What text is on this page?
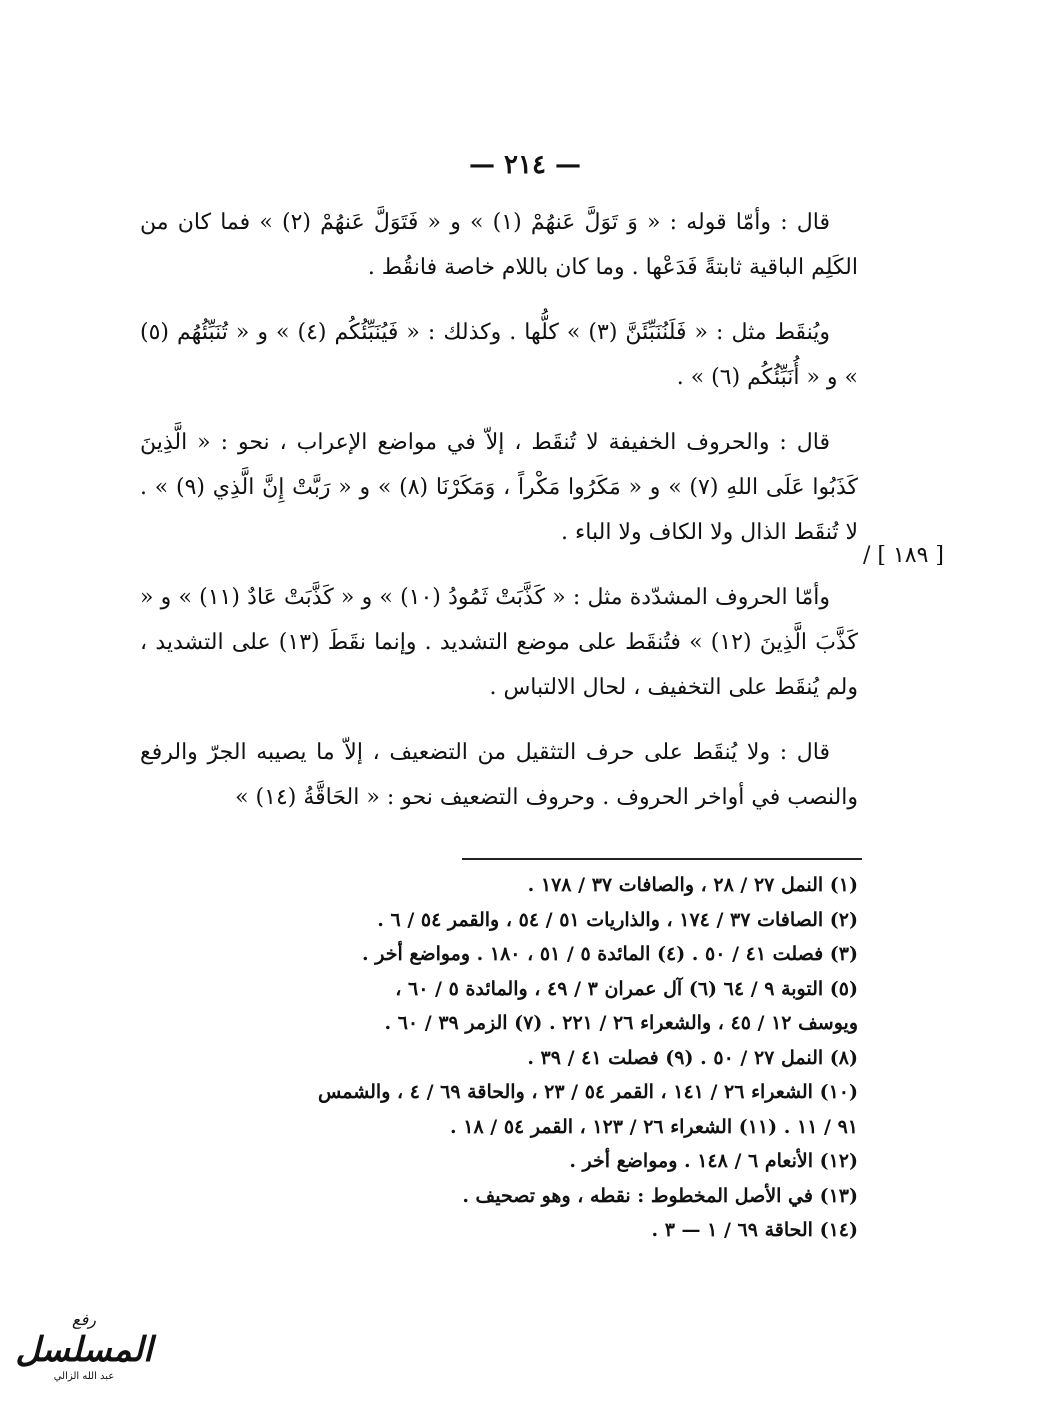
— ٢١٤ —

قال : وأمّا قوله : « وَ تَوَلَّ عَنهُمْ (١) » و « فَتَوَلَّ عَنهُمْ (٢) » فما كان من الكَلِم الباقية ثابتةً فَدَعْها . وما كان باللام خاصة فانقُط .

ويُنقَط مثل : « فَلَنُنَبِّئَنَّ (٣) » كلُّها . وكذلك : « فَيُنَبِّئُكُم (٤) » و « تُنَبِّئُهُم (٥) » و « أُنَبِّئُكُم (٦) » .

قال : والحروف الخفيفة لا تُنقَط ، إلاّ في مواضع الإعراب ، نحو : « الَّذِينَ كَذَبُوا عَلَى اللهِ (٧) » و « مَكَرُوا مَكْراً ، وَمَكَرْنَا (٨) » و « رَبَّتْ إِنَّ الَّذِي (٩) » . لا تُنقَط الذال ولا الكاف ولا الباء .

وأمّا الحروف المشدّدة مثل : « كَذَّبَتْ ثَمُودُ (١٠) » و « كَذَّبَتْ عَادٌ (١١) » و « كَذَّبَ الَّذِينَ (١٢) » فتُنقَط على موضع التشديد . وإنما نقَطَ (١٣) على التشديد ، ولم يُنقَط على التخفيف ، لحال الالتباس .

قال : ولا يُنقَط على حرف التثقيل من التضعيف ، إلاّ ما يصيبه الجرّ والرفع والنصب في أواخر الحروف . وحروف التضعيف نحو : « الحَاقَّةُ (١٤) »

[ ١٨٩ ] /
(١) النمل ٢٧ / ٢٨ ، والصافات ٣٧ / ١٧٨ .
(٢) الصافات ٣٧ / ١٧٤ ، والذاريات ٥١ / ٥٤ ، والقمر ٥٤ / ٦ .
(٣) فصلت ٤١ / ٥٠ . (٤) المائدة ٥ / ٥١ ، ١٨٠ . ومواضع أخر .
(٥) التوبة ٩ / ٦٤ (٦) آل عمران ٣ / ٤٩ ، والمائدة ٥ / ٦٠ ،
ويوسف ١٢ / ٤٥ ، والشعراء ٢٦ / ٢٢١ . (٧) الزمر ٣٩ / ٦٠ .
(٨) النمل ٢٧ / ٥٠ . (٩) فصلت ٤١ / ٣٩ .
(١٠) الشعراء ٢٦ / ١٤١ ، القمر ٥٤ / ٢٣ ، والحاقة ٦٩ / ٤ ، والشمس
٩١ / ١١ . (١١) الشعراء ٢٦ / ١٢٣ ، القمر ٥٤ / ١٨ .
(١٢) الأنعام ٦ / ١٤٨ . ومواضع أخر .
(١٣) في الأصل المخطوط : نقطه ، وهو تصحيف .
(١٤) الحاقة ٦٩ / ١ — ٣ .
رفع
المسلسل
عبد الله الزالي
